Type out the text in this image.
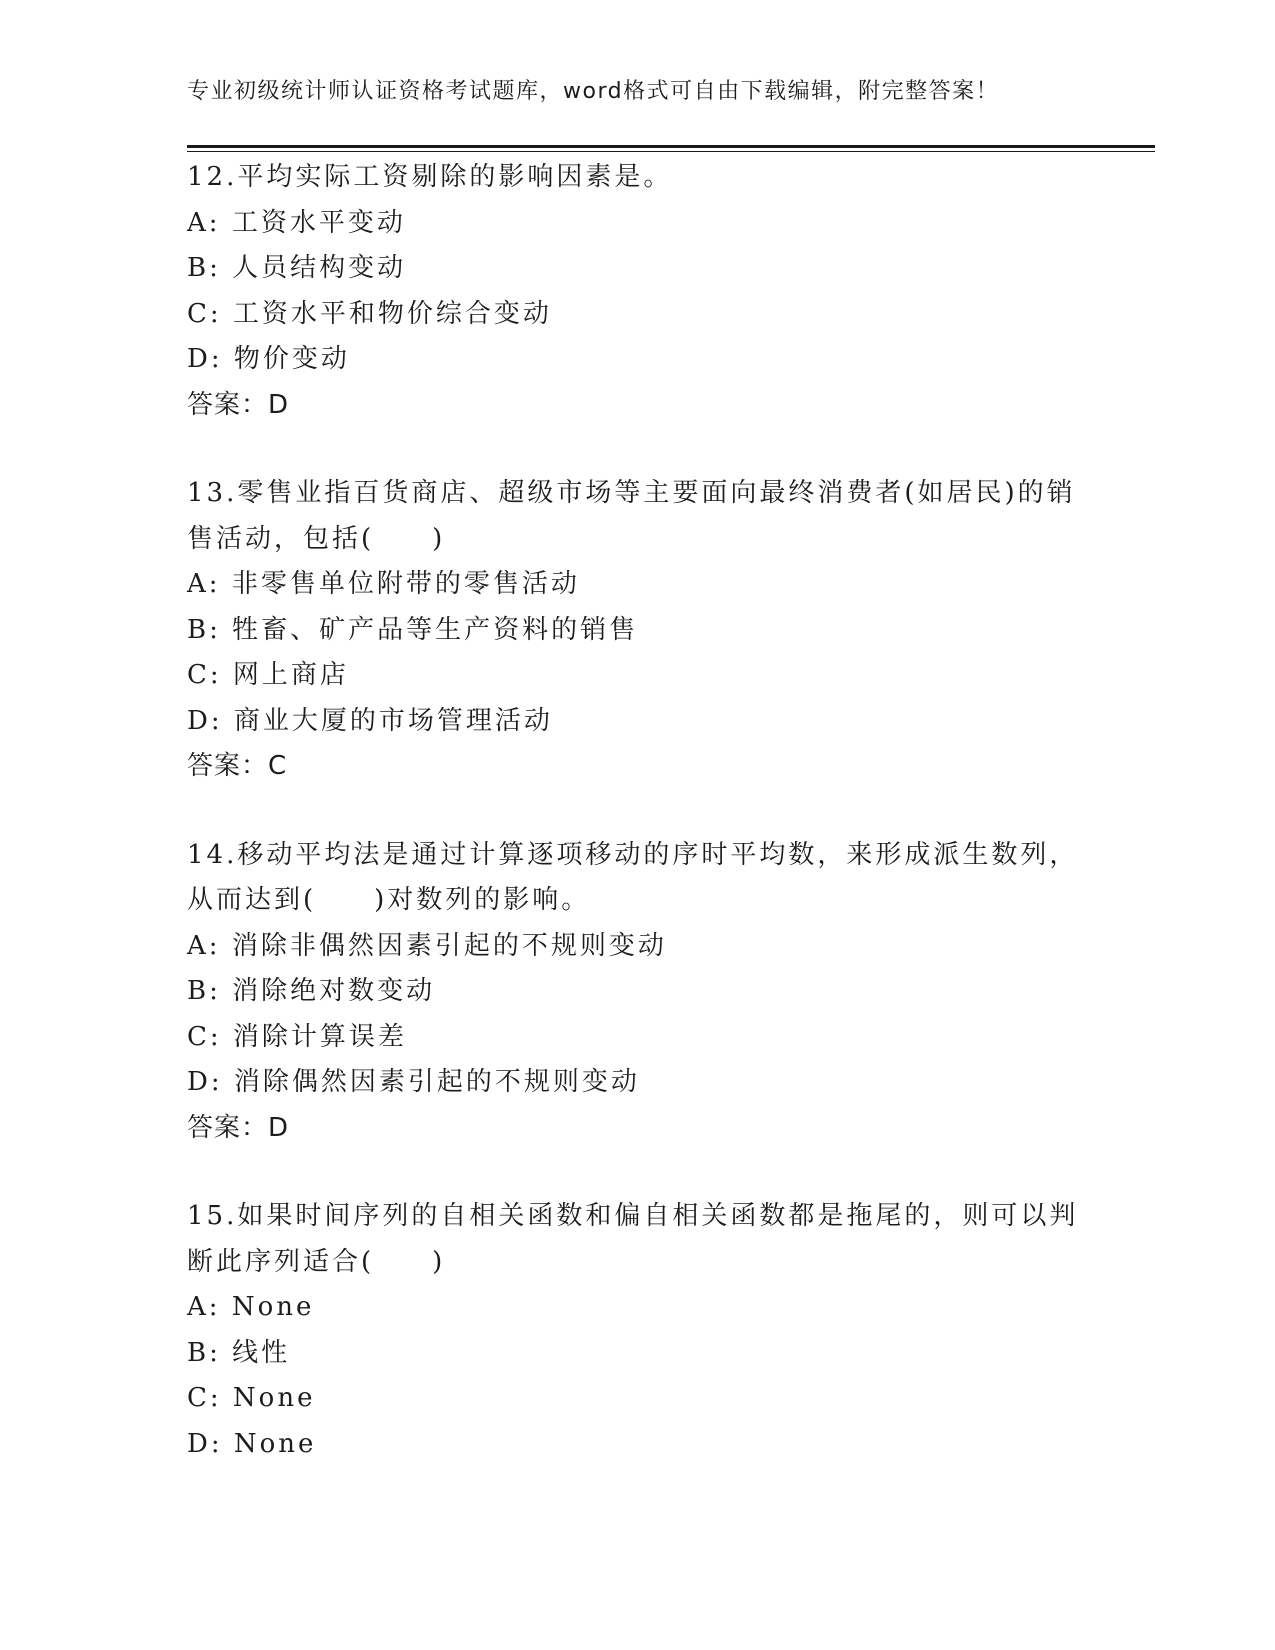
专业初级统计师认证资格考试题库，word格式可自由下载编辑，附完整答案！
12.平均实际工资剔除的影响因素是。
A: 工资水平变动
B: 人员结构变动
C: 工资水平和物价综合变动
D: 物价变动
答案：D
13.零售业指百货商店、超级市场等主要面向最终消费者(如居民)的销
售活动，包括(　　)
A: 非零售单位附带的零售活动
B: 牲畜、矿产品等生产资料的销售
C: 网上商店
D: 商业大厦的市场管理活动
答案：C
14.移动平均法是通过计算逐项移动的序时平均数，来形成派生数列，
从而达到(　　)对数列的影响。
A: 消除非偶然因素引起的不规则变动
B: 消除绝对数变动
C: 消除计算误差
D: 消除偶然因素引起的不规则变动
答案：D
15.如果时间序列的自相关函数和偏自相关函数都是拖尾的，则可以判
断此序列适合(　　)
A: None
B: 线性
C: None
D: None
